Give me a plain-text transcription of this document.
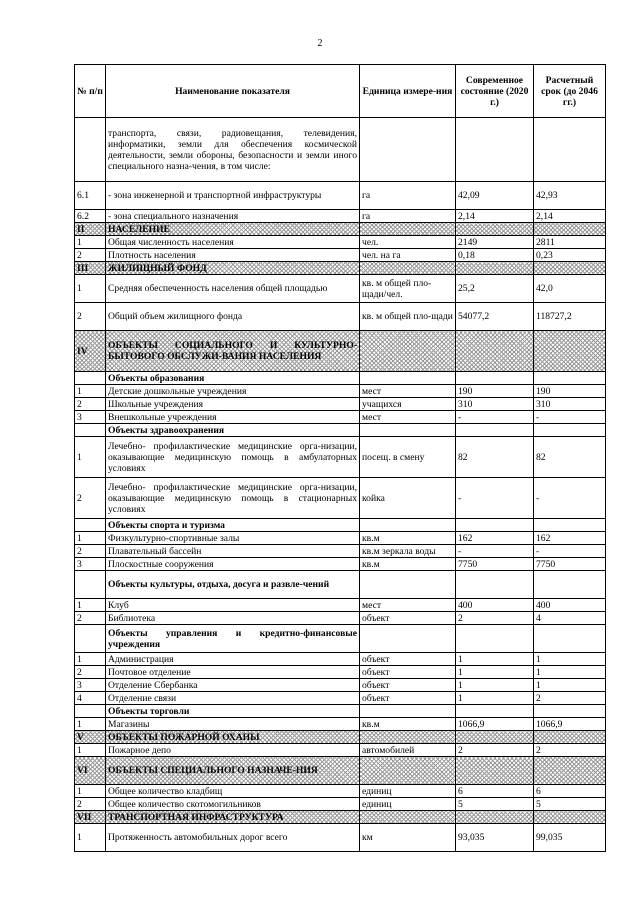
2
№ п/п	Наименование показателя	Единица измере-ния	Современное состояние (2020 г.)	Расчетный срок (до 2046 гг.)
	транспорта, связи, радиовещания, телевидения, информатики, земли для обеспечения космической деятельности, земли обороны, безопасности и земли иного специального назна-чения, в том числе:			
6.1	- зона инженерной и транспортной инфраструктуры	га	42,09	42,93
6.2	- зона специального назначения	га	2,14	2,14
II	НАСЕЛЕНИЕ			
1	Общая численность населения	чел.	2149	2811
2	Плотность населения	чел. на га	0,18	0,23
III	ЖИЛИЩНЫЙ ФОНД			
1	Средняя обеспеченность населения общей площадью	кв. м общей пло-щади/чел.	25,2	42,0
2	Общий объем жилищного фонда	кв. м общей пло-щади	54077,2	118727,2
IV	ОБЪЕКТЫ СОЦИАЛЬНОГО И КУЛЬТУРНО-БЫТОВОГО ОБСЛУЖИ-ВАНИЯ НАСЕЛЕНИЯ			
	Объекты образования			
1	Детские дошкольные учреждения	мест	190	190
2	Школьные учреждения	учащихся	310	310
3	Внешкольные учреждения	мест	-	-
	Объекты здравоохранения			
1	Лечебно- профилактические медицинские орга-низации, оказывающие медицинскую помощь в амбулаторных условиях	посещ. в смену	82	82
2	Лечебно- профилактические медицинские орга-низации, оказывающие медицинскую помощь в стационарных условиях	койка	-	-
	Объекты спорта и туризма			
1	Физкультурно-спортивные залы	кв.м	162	162
2	Плавательный бассейн	кв.м зеркала воды	-	-
3	Плоскостные сооружения	кв.м	7750	7750
	Объекты культуры, отдыха, досуга и развле-чений			
1	Клуб	мест	400	400
2	Библиотека	объект	2	4
	Объекты управления и кредитно-финансовые учреждения			
1	Администрация	объект	1	1
2	Почтовое отделение	объект	1	1
3	Отделение Сбербанка	объект	1	1
4	Отделение связи	объект	1	2
	Объекты торговли			
1	Магазины	кв.м	1066,9	1066,9
V	ОБЪЕКТЫ ПОЖАРНОЙ ОХАНЫ			
1	Пожарное депо	автомобилей	2	2
VI	ОБЪЕКТЫ СПЕЦИАЛЬНОГО НАЗНАЧЕ-НИЯ			
1	Общее количество кладбищ	единиц	6	6
2	Общее количество скотомогильников	единиц	5	5
VII	ТРАНСПОРТНАЯ ИНФРАСТРУКТУРА			
1	Протяженность автомобильных дорог всего	км	93,035	99,035
